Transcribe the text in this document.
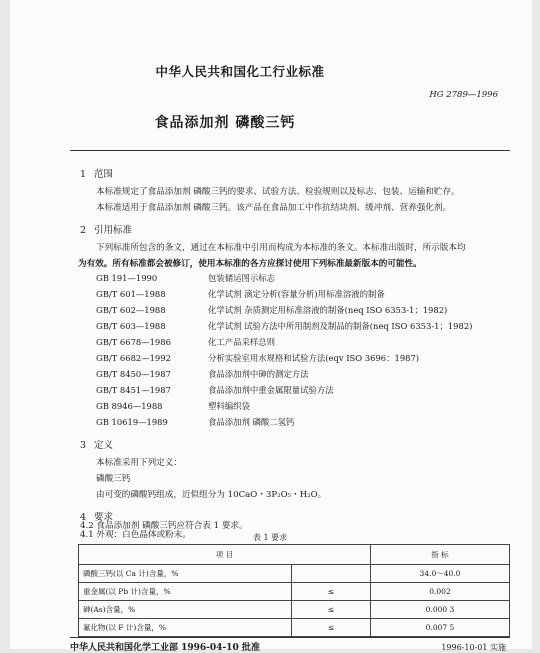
中华人民共和国化工行业标准
HG 2789—1996
食品添加剂 磷酸三钙
1 范围
本标准规定了食品添加剂 磷酸三钙的要求、试验方法、检验规则以及标志、包装、运输和贮存。
本标准适用于食品添加剂 磷酸三钙。该产品在食品加工中作抗结块剂、缓冲剂、营养强化剂。
2 引用标准
下列标准所包含的条文，通过在本标准中引用而构成为本标准的条文。本标准出版时，所示版本均
为有效。所有标准都会被修订，使用本标准的各方应探讨使用下列标准最新版本的可能性。
GB 191—1990	包装储运图示标志
GB/T 601—1988	化学试剂 滴定分析(容量分析)用标准溶液的制备
GB/T 602—1988	化学试剂 杂质测定用标准溶液的制备(neq ISO 6353-1；1982)
GB/T 603—1988	化学试剂 试验方法中所用制剂及制品的制备(neq ISO 6353-1；1982)
GB/T 6678—1986	化工产品采样总则
GB/T 6682—1992	分析实验室用水规格和试验方法(eqv ISO 3696：1987)
GB/T 8450—1987	食品添加剂中砷的测定方法
GB/T 8451—1987	食品添加剂中重金属限量试验方法
GB 8946—1988	塑料编织袋
GB 10619—1989	食品添加剂 磷酸二氢钙
3 定义
本标准采用下列定义：
磷酸三钙
由可变的磷酸钙组成，近似组分为 10CaO・3P₂O₅・H₂O。
4 要求
4.1 外观：白色晶体或粉末。
项 目		指 标
磷酸三钙(以 Ca 计)含量，%		34.0～40.0
重金属(以 Pb 计)含量，%	≤	0.002
砷(As)含量，%	≤	0.000 3
氟化物(以 F 计)含量，%	≤	0.007 5
中华人民共和国化学工业部 1996-04-10 批准	1996-10-01 实施
4.2 食品添加剂 磷酸三钙应符合表 1 要求。
表 1 要求
